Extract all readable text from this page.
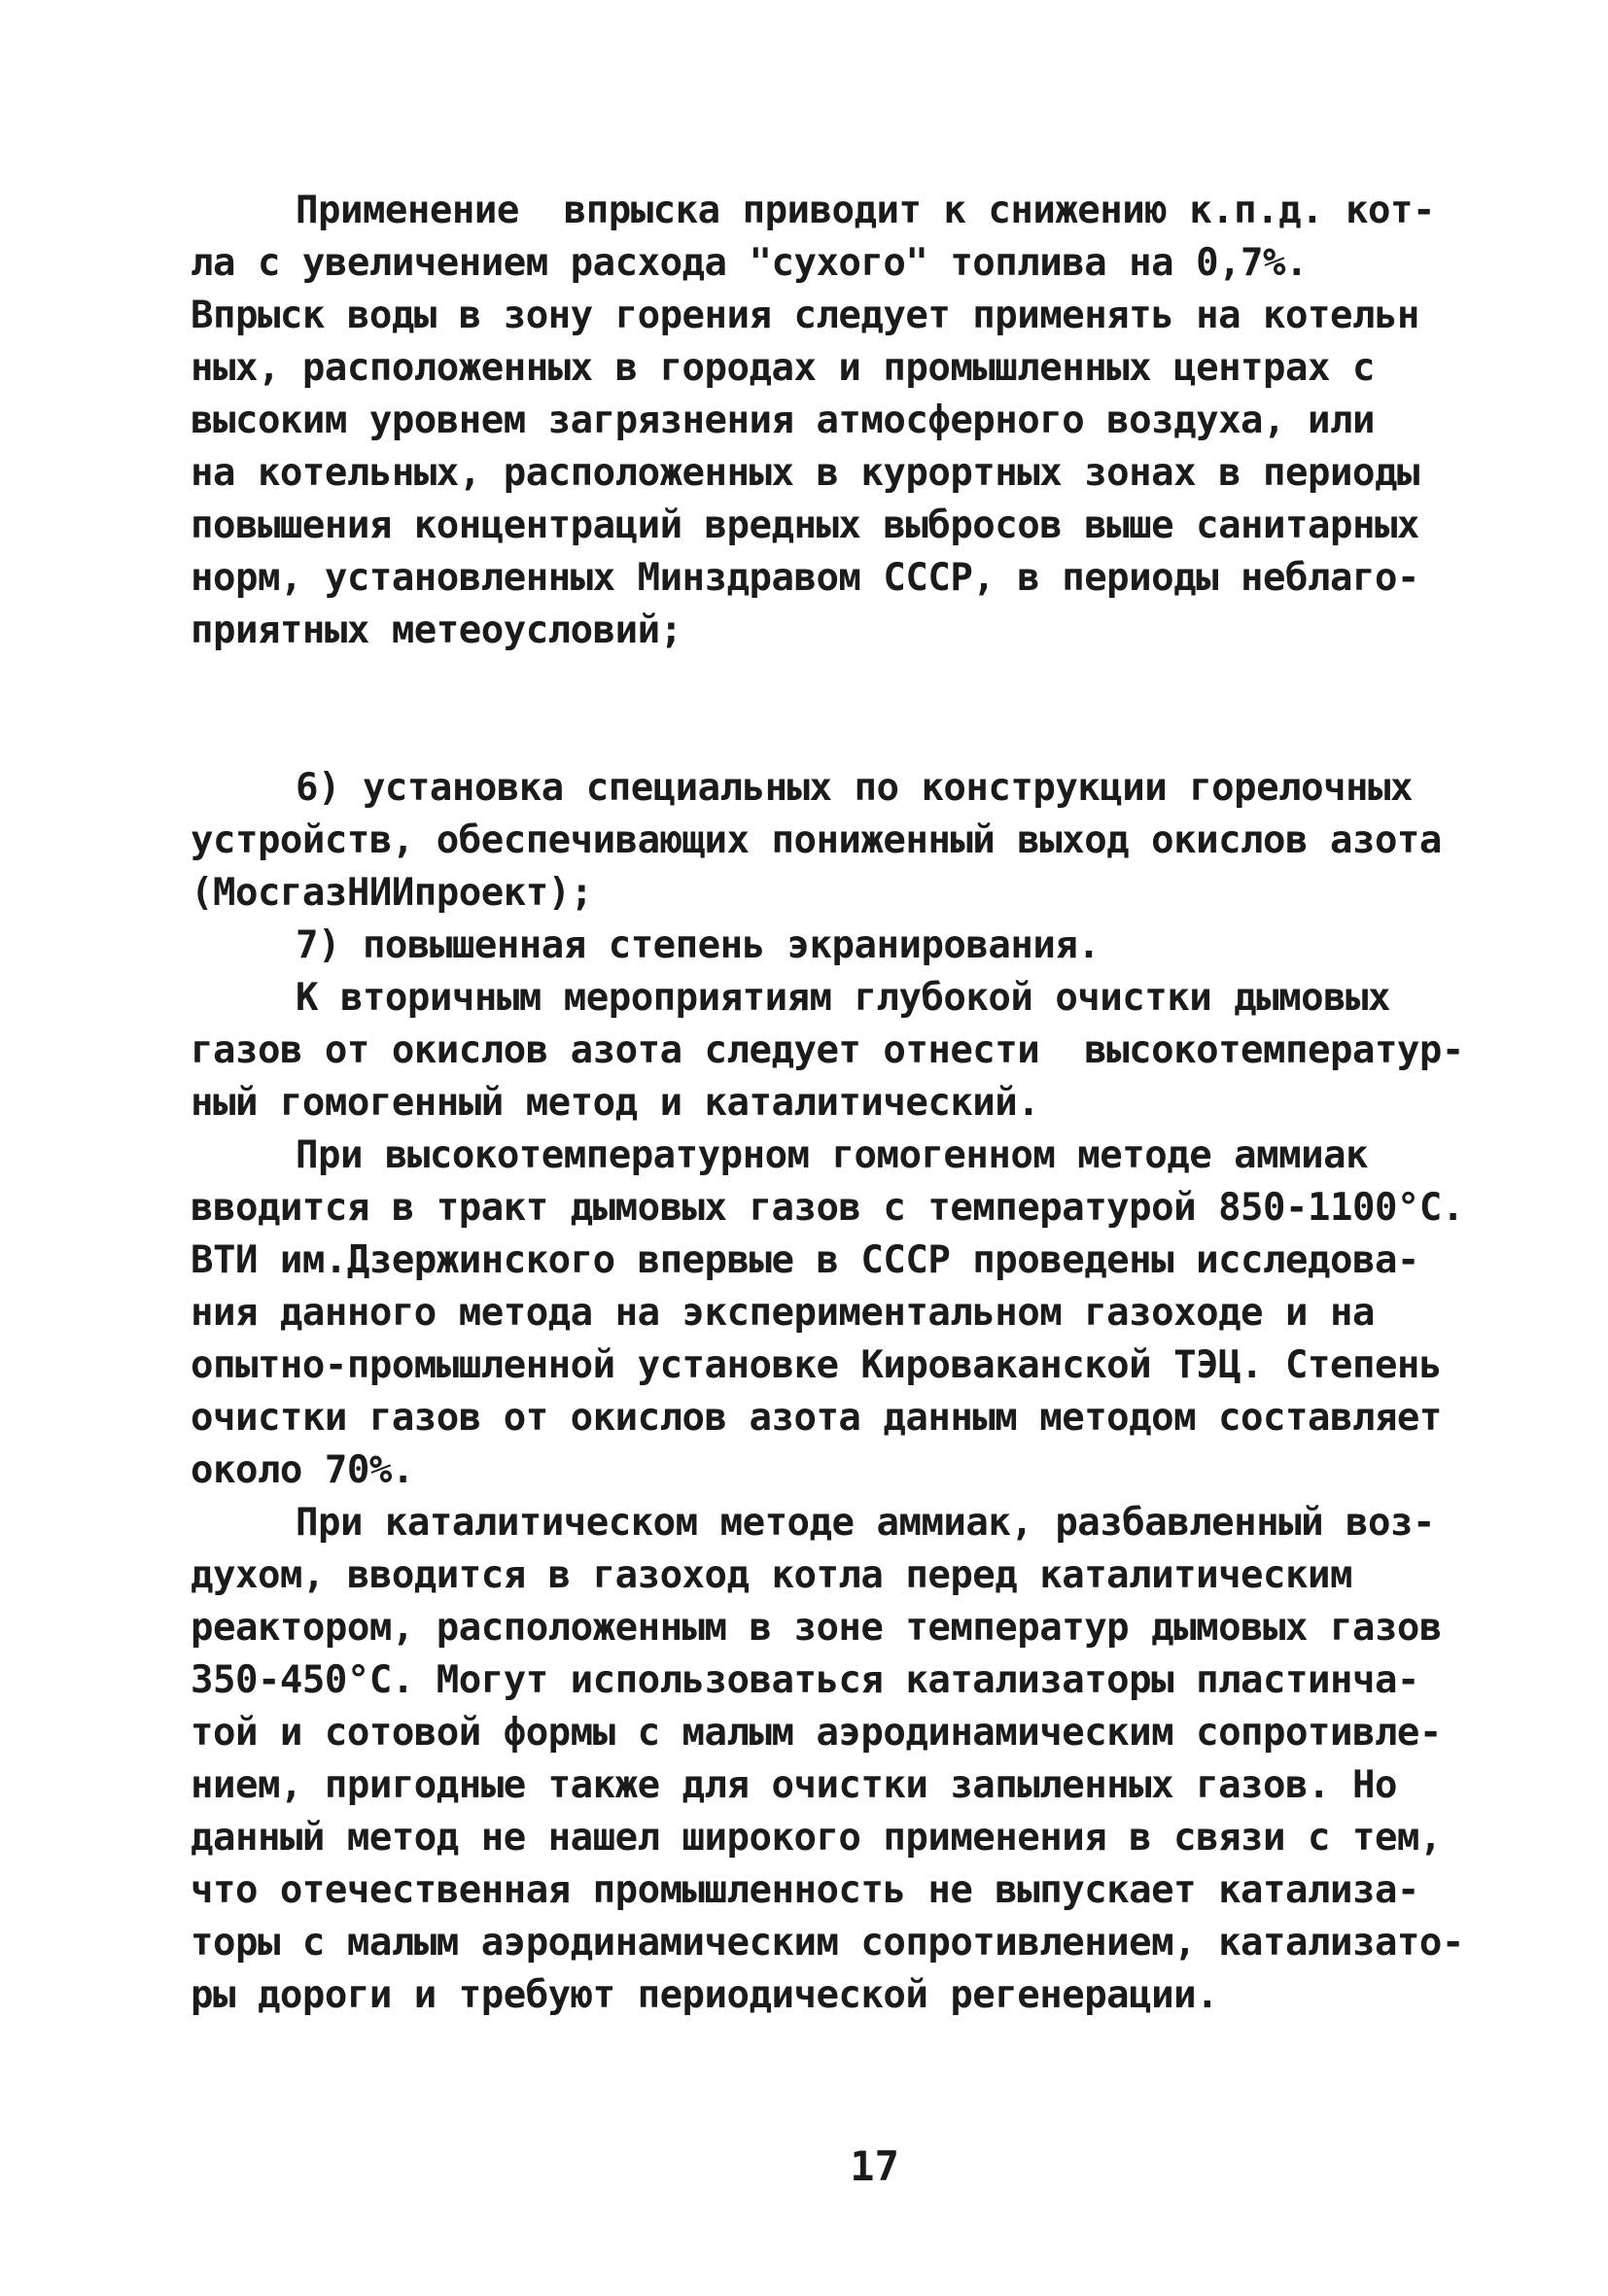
Применение  впрыска приводит к снижению к.п.д. кот-
ла с увеличением расхода "сухого" топлива на 0,7%.
Впрыск воды в зону горения следует применять на котельн
ных, расположенных в городах и промышленных центрах с
высоким уровнем загрязнения атмосферного воздуха, или
на котельных, расположенных в курортных зонах в периоды
повышения концентраций вредных выбросов выше санитарных
норм, установленных Минздравом СССР, в периоды неблаго-
приятных метеоусловий;
6) установка специальных по конструкции горелочных
устройств, обеспечивающих пониженный выход окислов азота
(МосгазНИИпроект);
7) повышенная степень экранирования.
К вторичным мероприятиям глубокой очистки дымовых
газов от окислов азота следует отнести  высокотемператур-
ный гомогенный метод и каталитический.
При высокотемпературном гомогенном методе аммиак
вводится в тракт дымовых газов с температурой 850-1100°С.
ВТИ им.Дзержинского впервые в СССР проведены исследова-
ния данного метода на экспериментальном газоходе и на
опытно-промышленной установке Кироваканской ТЭЦ. Степень
очистки газов от окислов азота данным методом составляет
около 70%.
При каталитическом методе аммиак, разбавленный воз-
духом, вводится в газоход котла перед каталитическим
реактором, расположенным в зоне температур дымовых газов
350-450°С. Могут использоваться катализаторы пластинча-
той и сотовой формы с малым аэродинамическим сопротивле-
нием, пригодные также для очистки запыленных газов. Но
данный метод не нашел широкого применения в связи с тем,
что отечественная промышленность не выпускает катализа-
торы с малым аэродинамическим сопротивлением, катализато-
ры дороги и требуют периодической регенерации.

17
